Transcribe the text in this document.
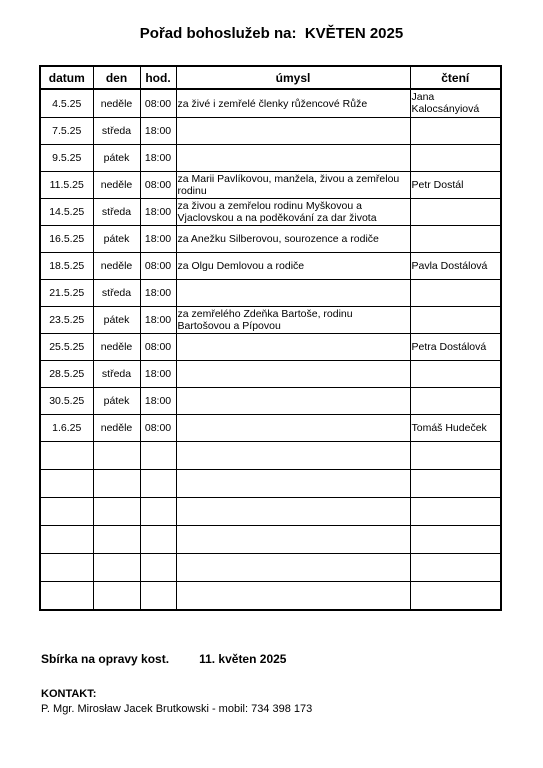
Pořad bohoslužeb na: KVĚTEN 2025
datum	den	hod.	úmysl	čtení
4.5.25	neděle	08:00	za živé i zemřelé členky růžencové Růže	Jana Kalocsányiová
7.5.25	středa	18:00		
9.5.25	pátek	18:00		
11.5.25	neděle	08:00	za Marii Pavlíkovou, manžela, živou a zemřelou rodinu	Petr Dostál
14.5.25	středa	18:00	za živou a zemřelou rodinu Myškovou a Vjaclovskou a na poděkování za dar života	
16.5.25	pátek	18:00	za Anežku Silberovou, sourozence a rodiče	
18.5.25	neděle	08:00	za Olgu Demlovou a rodiče	Pavla Dostálová
21.5.25	středa	18:00		
23.5.25	pátek	18:00	za zemřelého Zdeňka Bartoše, rodinu Bartošovou a Pípovou	
25.5.25	neděle	08:00		Petra Dostálová
28.5.25	středa	18:00		
30.5.25	pátek	18:00		
1.6.25	neděle	08:00		Tomáš Hudeček

Sbírka na opravy kost.	11. květen 2025
KONTAKT:
P. Mgr. Mirosław Jacek Brutkowski - mobil: 734 398 173
